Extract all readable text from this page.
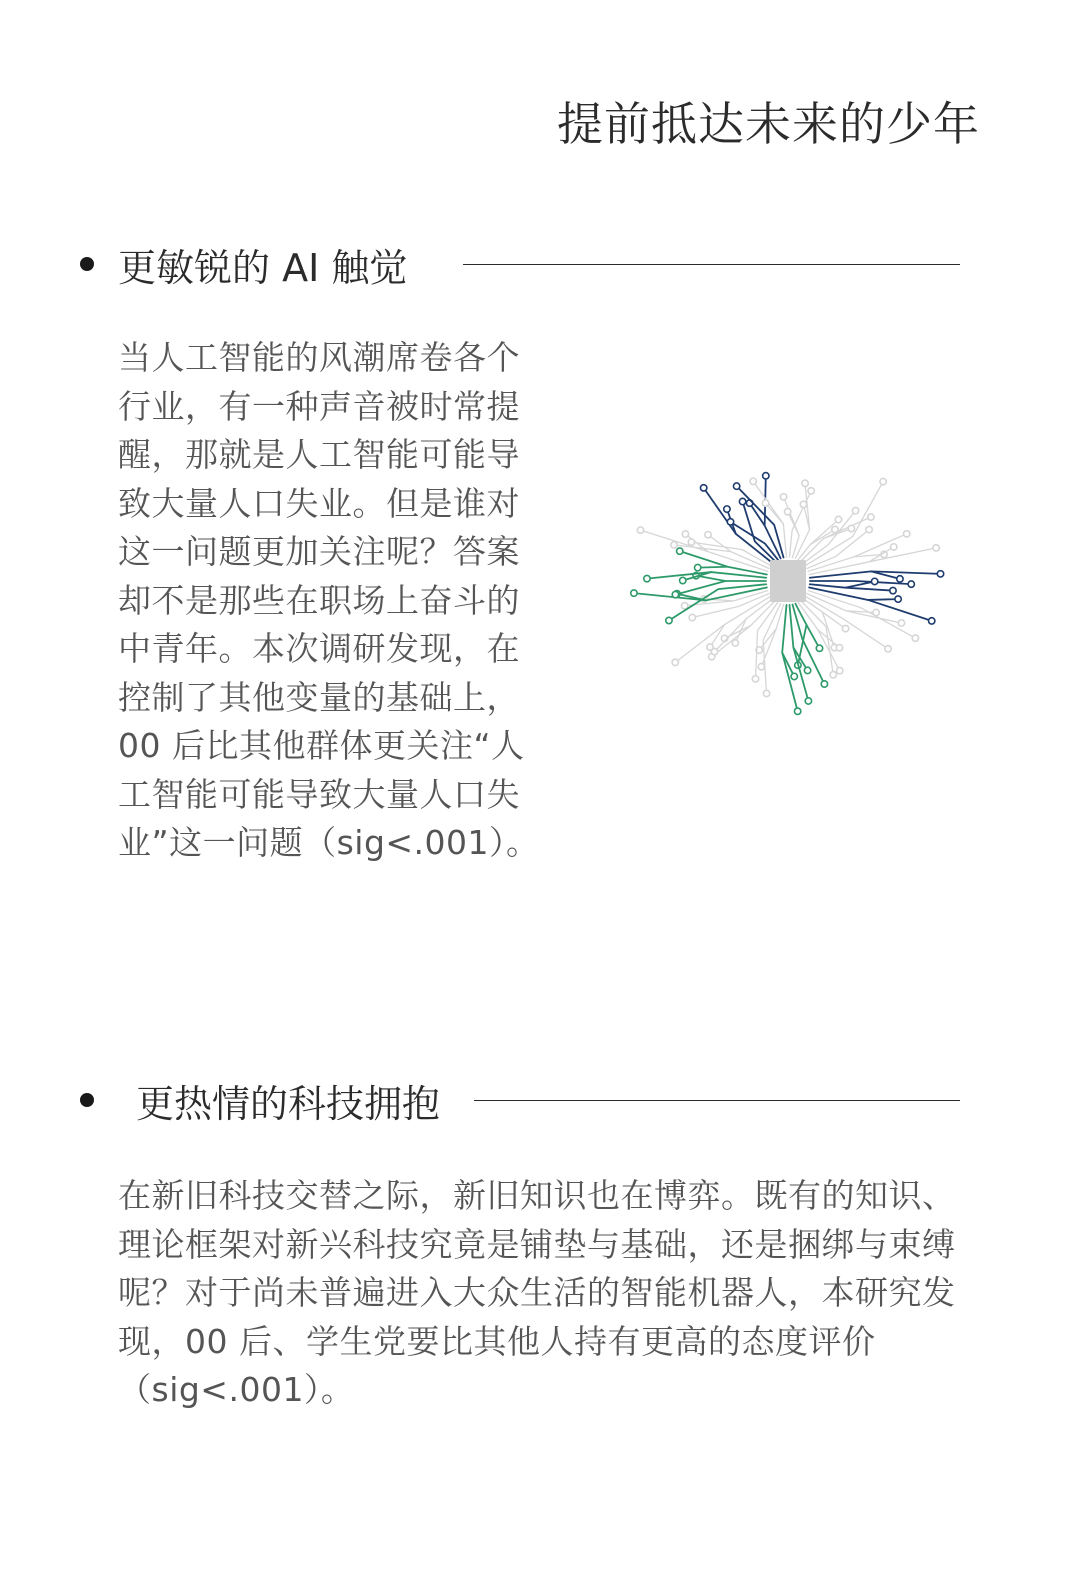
提前抵达未来的少年
更敏锐的 AI 触觉

当人工智能的风潮席卷各个行业，有一种声音被时常提醒，那就是人工智能可能导致大量人口失业。但是谁对这一问题更加关注呢？答案却不是那些在职场上奋斗的中青年。本次调研发现，在控制了其他变量的基础上，00 后比其他群体更关注“人工智能可能导致大量人口失业”这一问题（sig<.001）。

更热情的科技拥抱

在新旧科技交替之际，新旧知识也在博弈。既有的知识、理论框架对新兴科技究竟是铺垫与基础，还是捆绑与束缚呢？对于尚未普遍进入大众生活的智能机器人，本研究发现，00 后、学生党要比其他人持有更高的态度评价（sig<.001）。
